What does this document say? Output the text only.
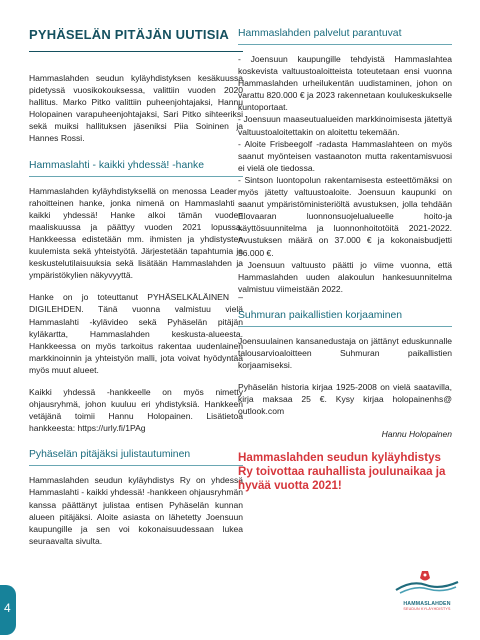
PYHÄSELÄN PITÄJÄN UUTISIA

Hammaslahden seudun kyläyhdistyksen kesäkuussa pidetyssä vuosikokouksessa, valittiin vuoden 2020 hallitus. Marko Pitko valittiin puheenjohtajaksi, Hannu Holopainen varapuheenjohtajaksi, Sari Pitko sihteeriksi sekä muiksi hallituksen jäseniksi Piia Soininen ja Hannes Rossi.

Hammaslahti - kaikki yhdessä! -hanke

Hammaslahden kyläyhdistyksellä on menossa Leader -rahoitteinen hanke, jonka nimenä on Hammaslahti - kaikki yhdessä! Hanke alkoi tämän vuoden maaliskuussa ja päättyy vuoden 2021 lopussa. Hankkeessa edistetään mm. ihmisten ja yhdistysten kuulemista sekä yhteistyötä. Järjestetään tapahtumia ja keskustelutilaisuuksia sekä lisätään Hammaslahden ja ympäristökylien näkyvyyttä.

Hanke on jo toteuttanut PYHÄSELKÄLÄINEN –DIGILEHDEN. Tänä vuonna valmistuu vielä Hammaslahti -kylävideo sekä Pyhäselän pitäjän kyläkartta, Hammaslahden keskusta-alueesta. Hankkeessa on myös tarkoitus rakentaa uudenlainen markkinoinnin ja yhteistyön malli, jota voivat hyödyntää myös muut alueet.

Kaikki yhdessä -hankkeelle on myös nimetty ohjausryhmä, johon kuuluu eri yhdistyksiä. Hankkeen vetäjänä toimii Hannu Holopainen. Lisätietoa hankkeesta: https://urly.fi/1PAg

Pyhäselän pitäjäksi julistautuminen

Hammaslahden seudun kyläyhdistys Ry on yhdessä Hammaslahti - kaikki yhdessä! -hankkeen ohjausryhmän kanssa päättänyt julistaa entisen Pyhäselän kunnan alueen pitäjäksi. Aloite asiasta on lähetetty Joensuun kaupungille ja sen voi kokonaisuudessaan lukea seuraavalta sivulta.

Hammaslahden palvelut parantuvat

- Joensuun kaupungille tehdyistä Hammaslahtea koskevista valtuustoaloitteista toteutetaan ensi vuonna Hammaslahden urheilukentän uudistaminen, johon on varattu 820.000 € ja 2023 rakennetaan koulukeskukselle kuntoportaat.

- Joensuun maaseutualueiden markkinoimisesta jätettyä valtuustoaloitettakin on aloitettu tekemään.

- Aloite Frisbeegolf -radasta Hammaslahteen on myös saanut myönteisen vastaanoton mutta rakentamisvuosi ei vielä ole tiedossa.

- Sintson luontopolun rakentamisesta esteettömäksi on myös jätetty valtuustoaloite. Joensuun kaupunki on saanut ympäristöministeriöltä avustuksen, jolla tehdään Elovaaran luonnonsuojelualueelle hoito-ja käyttösuunnitelma ja luonnonhoitotöitä 2021-2022. Avustuksen määrä on 37.000 € ja kokonaisbudjetti 56.000 €.

- Joensuun valtuusto päätti jo viime vuonna, että Hammaslahden uuden alakoulun hankesuunnitelma valmistuu viimeistään 2022.

Suhmuran paikallistien korjaaminen

Joensuulainen kansanedustaja on jättänyt eduskunnalle talousarvioaloitteen Suhmuran paikallistien korjaamiseksi.

Pyhäselän historia kirjaa 1925-2008 on vielä saatavilla, kirja maksaa 25 €. Kysy kirjaa holopainenhs@ outlook.com

Hannu Holopainen

Hammaslahden seudun kyläyhdistys Ry toivottaa rauhallista joulunaikaa ja hyvää vuotta 2021!

HAMMASLAHDEN
SEUDUN KYLÄYHDISTYS
4
